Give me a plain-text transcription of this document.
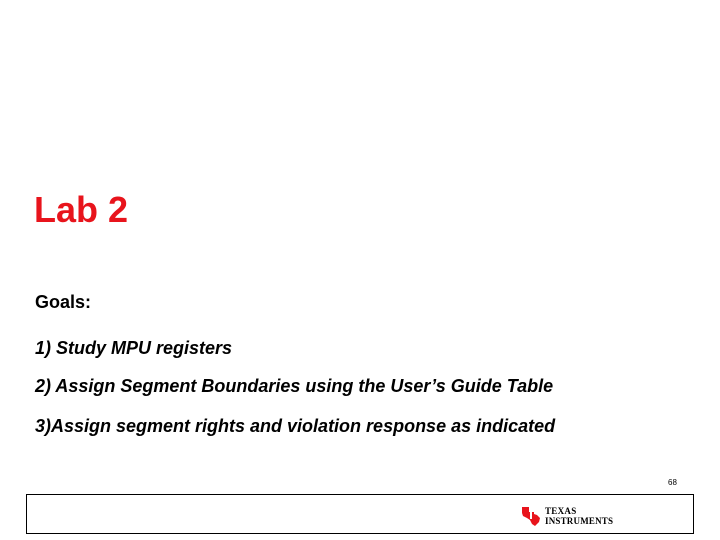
Lab 2
Goals:
1) Study MPU registers
2) Assign Segment Boundaries using the User’s Guide Table
3)Assign segment rights and violation response as indicated
68
TEXAS
INSTRUMENTS
